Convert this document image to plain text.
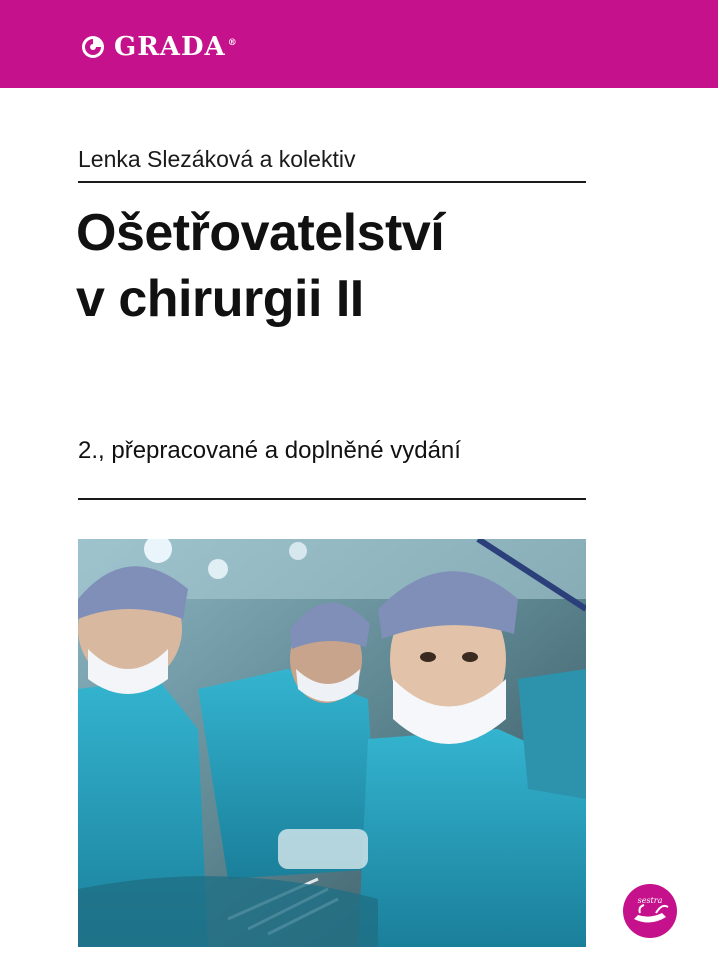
GRADA ®
Lenka Slezáková a kolektiv
Ošetřovatelství
v chirurgii II
2., přepracované a doplněné vydání
sestra
